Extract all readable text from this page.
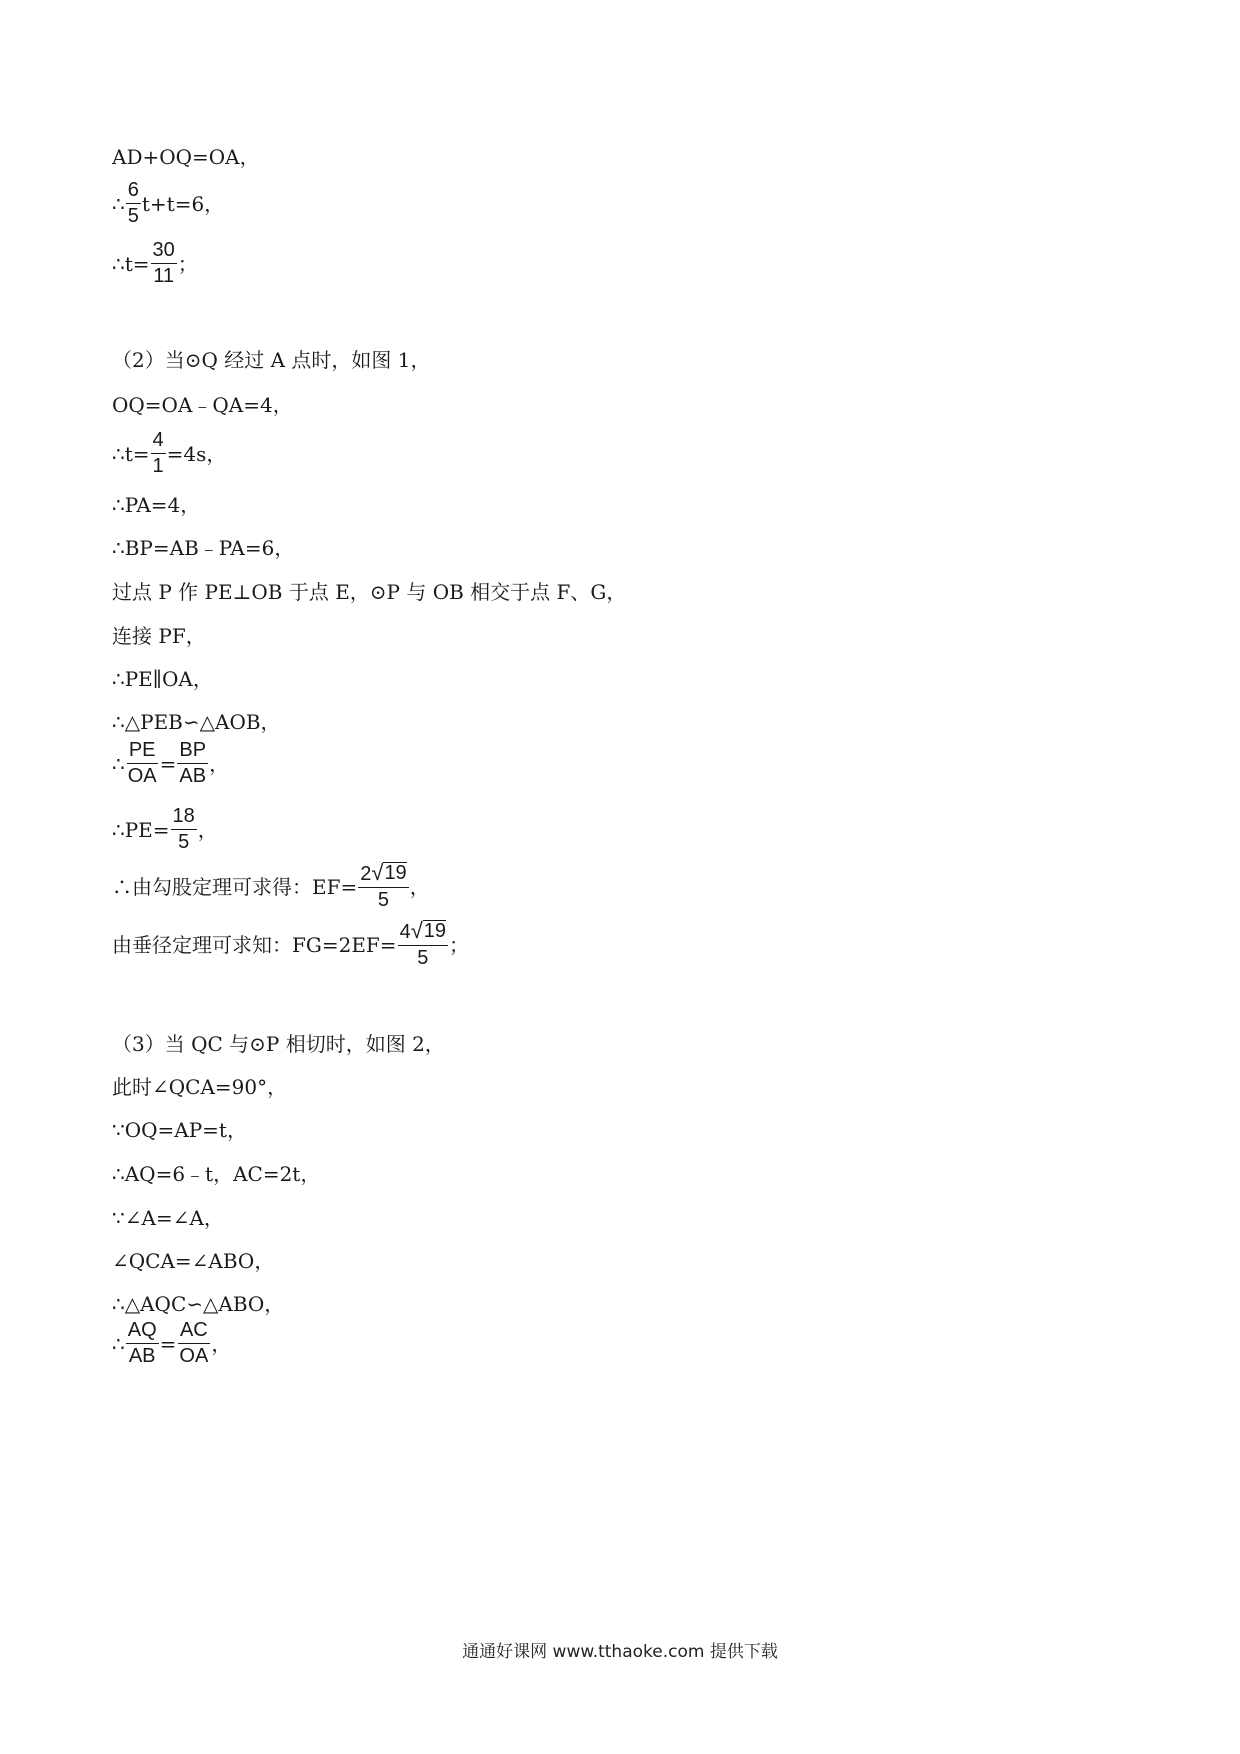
AD+OQ=OA，
∴ $\frac{6}{5} t+t=6$，
∴t= $\frac{30}{11}$ ；
（2）当⊙Q 经过 A 点时，如图 1，
OQ=OA﹣QA=4，
∴t= $\frac{4}{1} =4s$，
∴PA=4，
∴BP=AB﹣PA=6，
过点 P 作 PE⊥OB 于点 E，⊙P 与 OB 相交于点 F、G，
连接 PF，
∴PE∥OA，
∴△PEB∽△AOB，
∴ $\frac{PE}{OA} = \frac{BP}{AB}$ ，
∴PE= $\frac{18}{5}$ ，
∴由勾股定理可求得：$EF= \frac{2 √ 19}{5}$ ，
由垂径定理可求知：$FG=2EF= \frac{4 √ 19}{5}$ ；
（3）当 QC 与⊙P 相切时，如图 2，
此时∠QCA=90°，
∵OQ=AP=t，
∴AQ=6﹣t，AC=2t，
∵∠A=∠A，
∠QCA=∠ABO，
∴△AQC∽△ABO，
∴ $\frac{AQ}{AB} = \frac{AC}{OA}$ ，
通通好课网 www.tthaoke.com 提供下载
